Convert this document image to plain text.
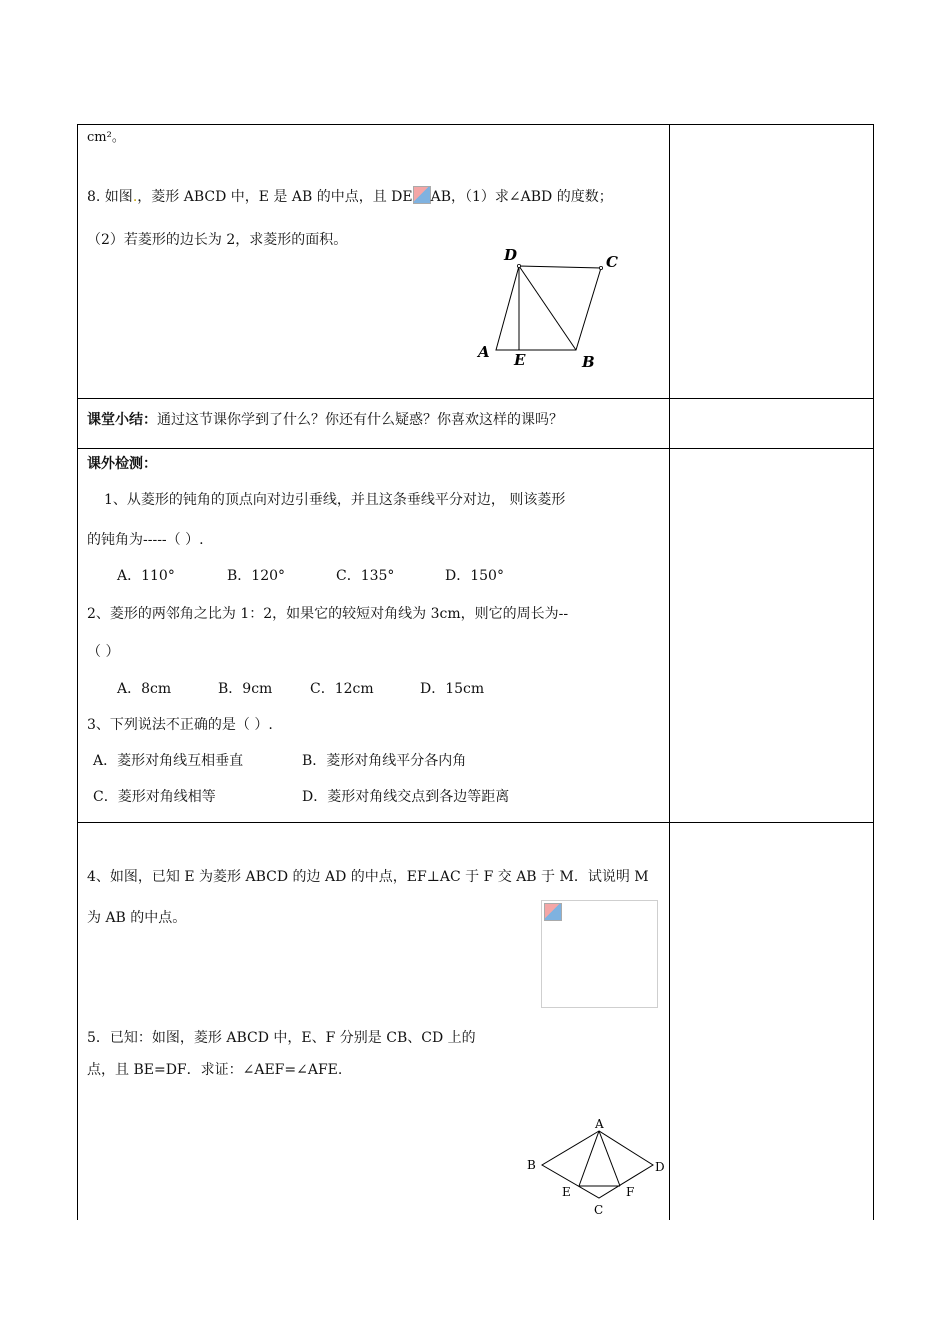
cm²。
8. 如图.，菱形 ABCD 中，E 是 AB 的中点，且 DE AB，（1）求∠ABD 的度数；
（2）若菱形的边长为 2，求菱形的面积。
D	C
A E	B
课堂小结：通过这节课你学到了什么？你还有什么疑惑？你喜欢这样的课吗？
课外检测：
1、从菱形的钝角的顶点向对边引垂线，并且这条垂线平分对边， 则该菱形
的钝角为-----（ ）.
A．110°	B．120°	C．135°	D．150°
2、菱形的两邻角之比为 1：2，如果它的较短对角线为 3cm，则它的周长为--
（ ）
A．8cm	B．9cm	C．12cm	D．15cm
3、下列说法不正确的是（ ）.
A．菱形对角线互相垂直	B．菱形对角线平分各内角
C．菱形对角线相等	D．菱形对角线交点到各边等距离
4、如图，已知 E 为菱形 ABCD 的边 AD 的中点，EF⊥AC 于 F 交 AB 于 M．试说明 M
为 AB 的中点。
5．已知：如图，菱形 ABCD 中，E、F 分别是 CB、CD 上的
点，且 BE=DF．求证：∠AEF=∠AFE.
A
B	D
E	F
C
